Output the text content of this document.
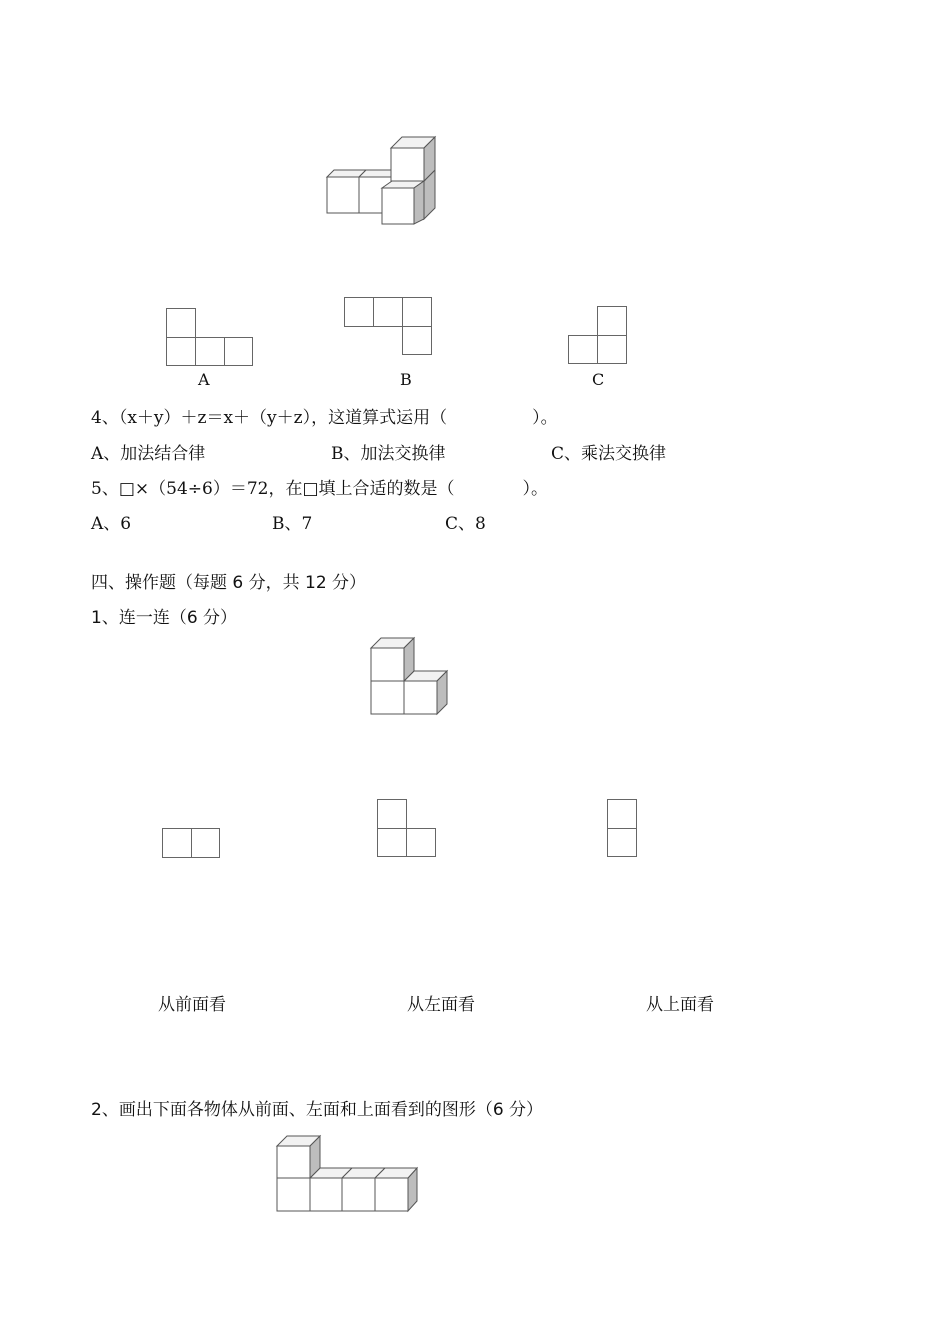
A	B	C
4、（x＋y）＋z＝x＋（y＋z），这道算式运用（　　　　　）。
A、加法结合律	B、加法交换律	C、乘法交换律
5、□×（54÷6）＝72，在□填上合适的数是（　　　　）。
A、6	B、7	C、8
四、操作题（每题 6 分，共 12 分）
1、连一连（6 分）
从前面看	从左面看	从上面看
2、画出下面各物体从前面、左面和上面看到的图形（6 分）
